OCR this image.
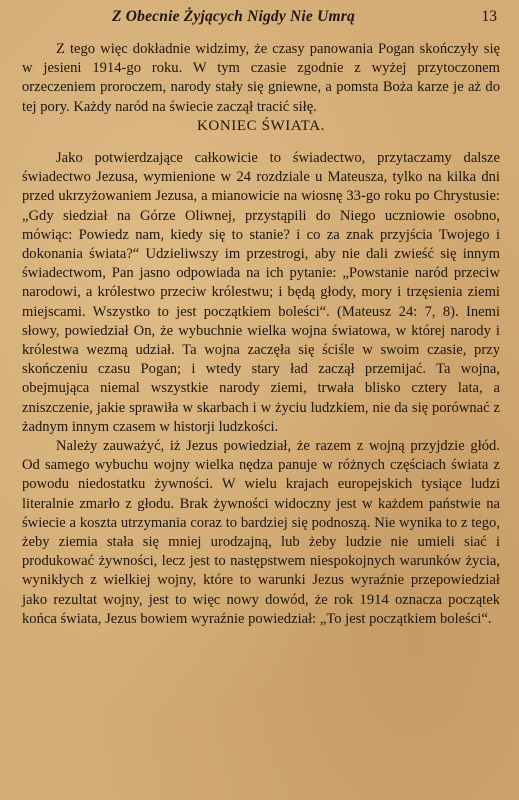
Z Obecnie Żyjących Nigdy Nie Umrą	13

Z tego więc dokładnie widzimy, że czasy panowania Pogan skończyły się w jesieni 1914-go roku. W tym czasie zgodnie z wyżej przytoczonem orzeczeniem proroczem, narody stały się gniewne, a pomsta Boża karze je aż do tej pory. Każdy naród na świecie zaczął tracić siłę.

KONIEC ŚWIATA.

Jako potwierdzające całkowicie to świadectwo, przytaczamy dalsze świadectwo Jezusa, wymienione w 24 rozdziale u Mateusza, tylko na kilka dni przed ukrzyżowaniem Jezusa, a mianowicie na wiosnę 33-go roku po Chrystusie: „Gdy siedział na Górze Oliwnej, przystąpili do Niego uczniowie osobno, mówiąc: Powiedz nam, kiedy się to stanie? i co za znak przyjścia Twojego i dokonania świata?“ Udzieliwszy im przestrogi, aby nie dali zwieść się innym świadectwom, Pan jasno odpowiada na ich pytanie: „Powstanie naród przeciw narodowi, a królestwo przeciw królestwu; i będą głody, mory i trzęsienia ziemi miejscami. Wszystko to jest początkiem boleści“. (Mateusz 24: 7, 8). Inemi słowy, powiedział On, że wybuchnie wielka wojna światowa, w której narody i królestwa wezmą udział. Ta wojna zaczęła się ściśle w swoim czasie, przy skończeniu czasu Pogan; i wtedy stary ład zaczął przemijać. Ta wojna, obejmująca niemal wszystkie narody ziemi, trwała blisko cztery lata, a zniszczenie, jakie sprawiła w skarbach i w życiu ludzkiem, nie da się porównać z żadnym innym czasem w historji ludzkości.

Należy zauważyć, iż Jezus powiedział, że razem z wojną przyjdzie głód. Od samego wybuchu wojny wielka nędza panuje w różnych częściach świata z powodu niedostatku żywności. W wielu krajach europejskich tysiące ludzi literalnie zmarło z głodu. Brak żywności widoczny jest w każdem państwie na świecie a koszta utrzymania coraz to bardziej się podnoszą. Nie wynika to z tego, żeby ziemia stała się mniej urodzajną, lub żeby ludzie nie umieli siać i produkować żywności, lecz jest to następstwem niespokojnych warunków życia, wynikłych z wielkiej wojny, które to warunki Jezus wyraźnie przepowiedział jako rezultat wojny, jest to więc nowy dowód, że rok 1914 oznacza początek końca świata, Jezus bowiem wyraźnie powiedział: „To jest początkiem boleści“.
